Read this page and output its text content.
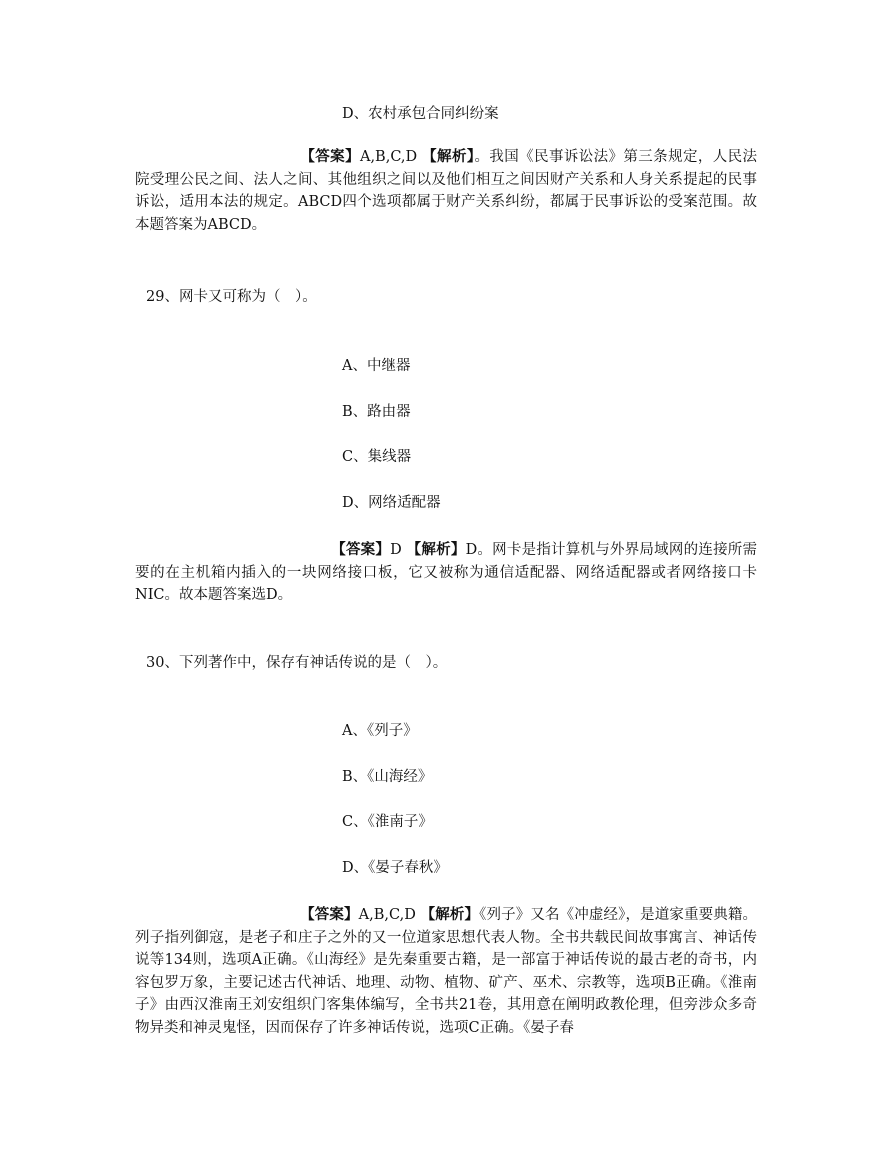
D、农村承包合同纠纷案
【答案】A,B,C,D 【解析】。我国《民事诉讼法》第三条规定，人民法院受理公民之间、法人之间、其他组织之间以及他们相互之间因财产关系和人身关系提起的民事诉讼，适用本法的规定。ABCD四个选项都属于财产关系纠纷，都属于民事诉讼的受案范围。故本题答案为ABCD。
29、网卡又可称为（　）。
A、中继器
B、路由器
C、集线器
D、网络适配器
【答案】D 【解析】D。网卡是指计算机与外界局域网的连接所需要的在主机箱内插入的一块网络接口板，它又被称为通信适配器、网络适配器或者网络接口卡NIC。故本题答案选D。
30、下列著作中，保存有神话传说的是（　）。
A、《列子》
B、《山海经》
C、《淮南子》
D、《晏子春秋》
【答案】A,B,C,D 【解析】《列子》又名《冲虚经》，是道家重要典籍。列子指列御寇，是老子和庄子之外的又一位道家思想代表人物。全书共载民间故事寓言、神话传说等134则，选项A正确。《山海经》是先秦重要古籍，是一部富于神话传说的最古老的奇书，内容包罗万象，主要记述古代神话、地理、动物、植物、矿产、巫术、宗教等，选项B正确。《淮南子》由西汉淮南王刘安组织门客集体编写，全书共21卷，其用意在阐明政教伦理，但旁涉众多奇物异类和神灵鬼怪，因而保存了许多神话传说，选项C正确。《晏子春
